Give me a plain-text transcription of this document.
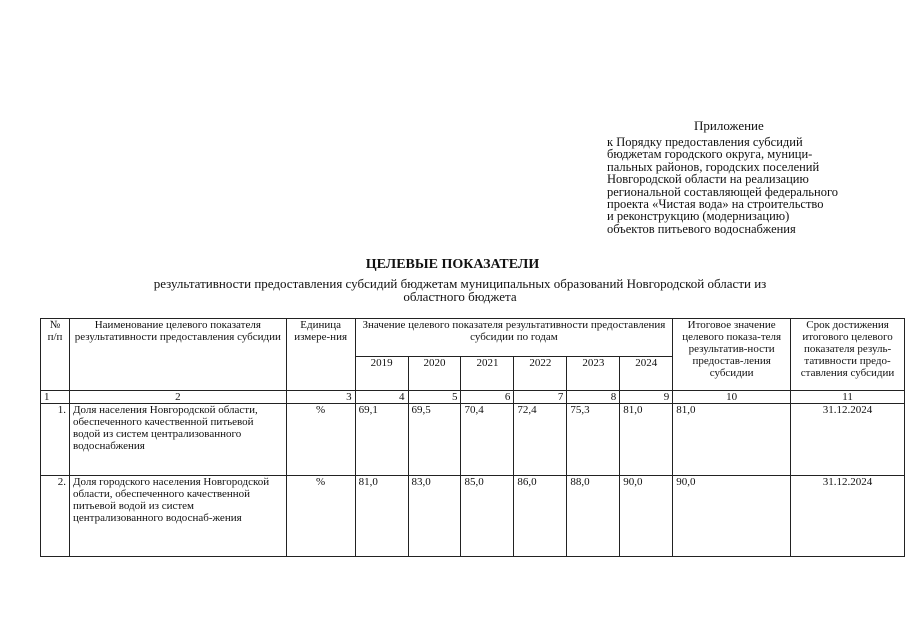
Приложение
к Порядку предоставления субсидий
бюджетам городского округа, муници-
пальных районов, городских поселений
Новгородской области на реализацию
региональной составляющей федерального
проекта «Чистая вода» на строительство
и реконструкцию (модернизацию)
объектов питьевого водоснабжения
ЦЕЛЕВЫЕ ПОКАЗАТЕЛИ
результативности предоставления субсидий бюджетам муниципальных образований Новгородской области из
областного бюджета
№ п/п	Наименование целевого показателя результативности предоставления субсидии	Единица измере-ния	Значение целевого показателя результативности предоставления субсидии по годам						Итоговое значение целевого показа-теля результатив-ности предостав-ления субсидии	Срок достижения итогового целевого показателя резуль-тативности предо-ставления субсидии
			2019	2020	2021	2022	2023	2024		
1	2	3	4	5	6	7	8	9	10	11
1.	Доля населения Новгородской области, обеспеченного качественной питьевой водой из систем централизованного водоснабжения	%	69,1	69,5	70,4	72,4	75,3	81,0	81,0	31.12.2024
2.	Доля городского населения Новгородской области, обеспеченного качественной питьевой водой из систем централизованного водоснаб-жения	%	81,0	83,0	85,0	86,0	88,0	90,0	90,0	31.12.2024
